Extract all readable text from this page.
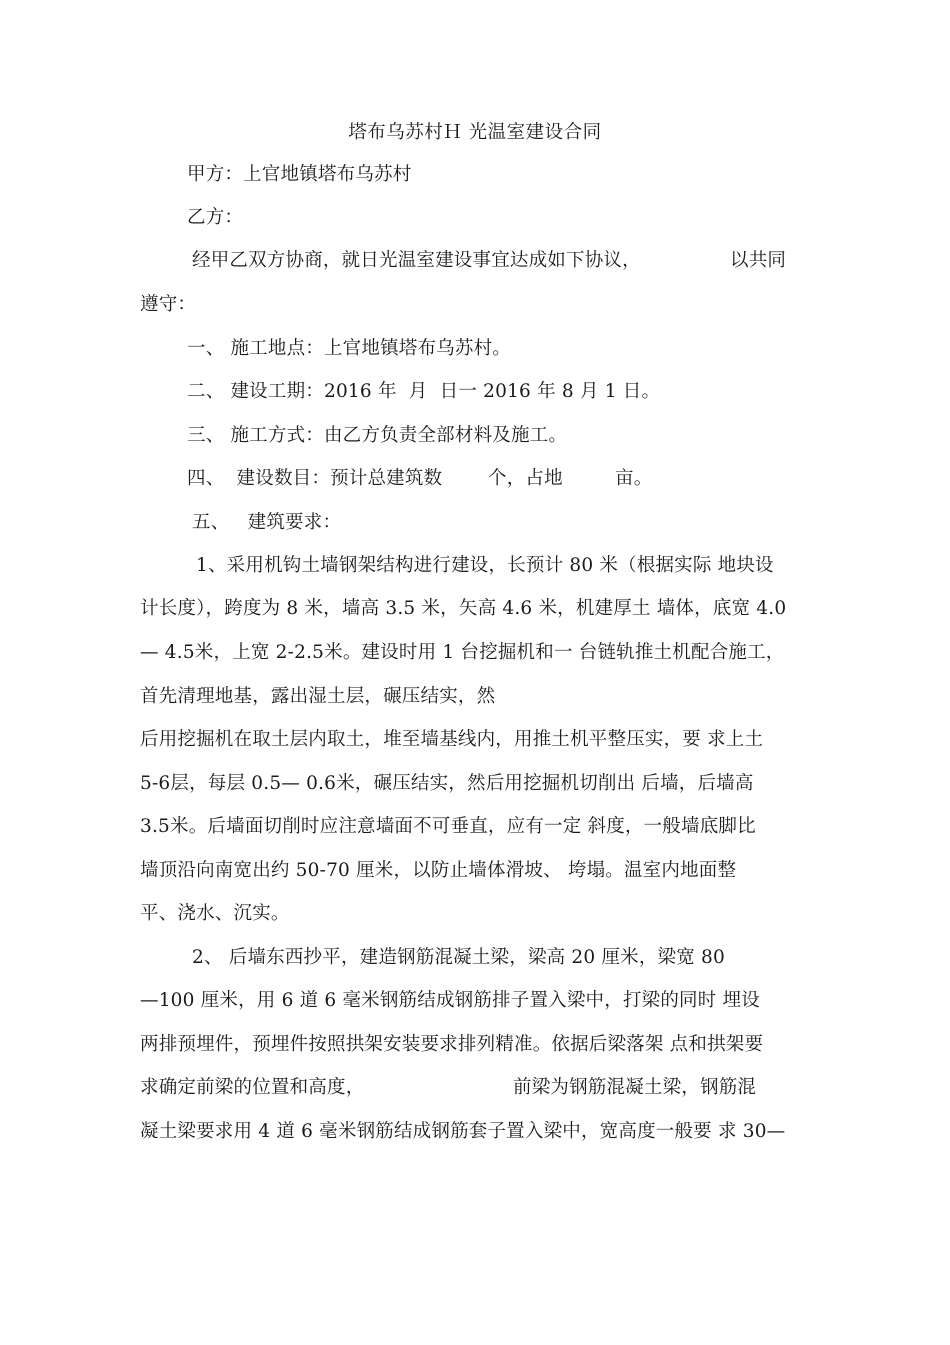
塔布乌苏村Ｈ 光温室建设合同
甲方：上官地镇塔布乌苏村
乙方：
经甲乙双方协商，就日光温室建设事宜达成如下协议，	以共同
遵守：
一、 施工地点：上官地镇塔布乌苏村。
二、 建设工期：2016 年  月  日一 2016 年 8 月 1 日。
三、 施工方式：由乙方负责全部材料及施工。
四、  建设数目：预计总建筑数 个，占地	亩。
五、   建筑要求：
1、采用机钩土墙钢架结构进行建设，长预计 80 米（根据实际 地块设
计长度），跨度为 8 米，墙高 3.5 米，矢高 4.6 米，机建厚土 墙体，底宽 4.0
— 4.5米，上宽 2-2.5米。建设时用 1 台挖掘机和一 台链轨推土机配合施工，
首先清理地基，露出湿土层，碾压结实，然
后用挖掘机在取土层内取土，堆至墙基线内，用推土机平整压实，要 求上土
5-6层，每层 0.5— 0.6米，碾压结实，然后用挖掘机切削出 后墙，后墙高
3.5米。后墙面切削时应注意墙面不可垂直，应有一定 斜度，一般墙底脚比
墙顶沿向南宽出约 50-70 厘米，以防止墙体滑坡、 垮塌。温室内地面整
平、浇水、沉实。
2、 后墙东西抄平，建造钢筋混凝土梁，梁高 20 厘米，梁宽 80
—100 厘米，用 6 道 6 毫米钢筋结成钢筋排子置入梁中，打梁的同时 埋设
两排预埋件，预埋件按照拱架安装要求排列精准。依据后梁落架 点和拱架要
求确定前梁的位置和高度，	前梁为钢筋混凝土梁，钢筋混
凝土梁要求用 4 道 6 毫米钢筋结成钢筋套子置入梁中，宽高度一般要 求 30—
